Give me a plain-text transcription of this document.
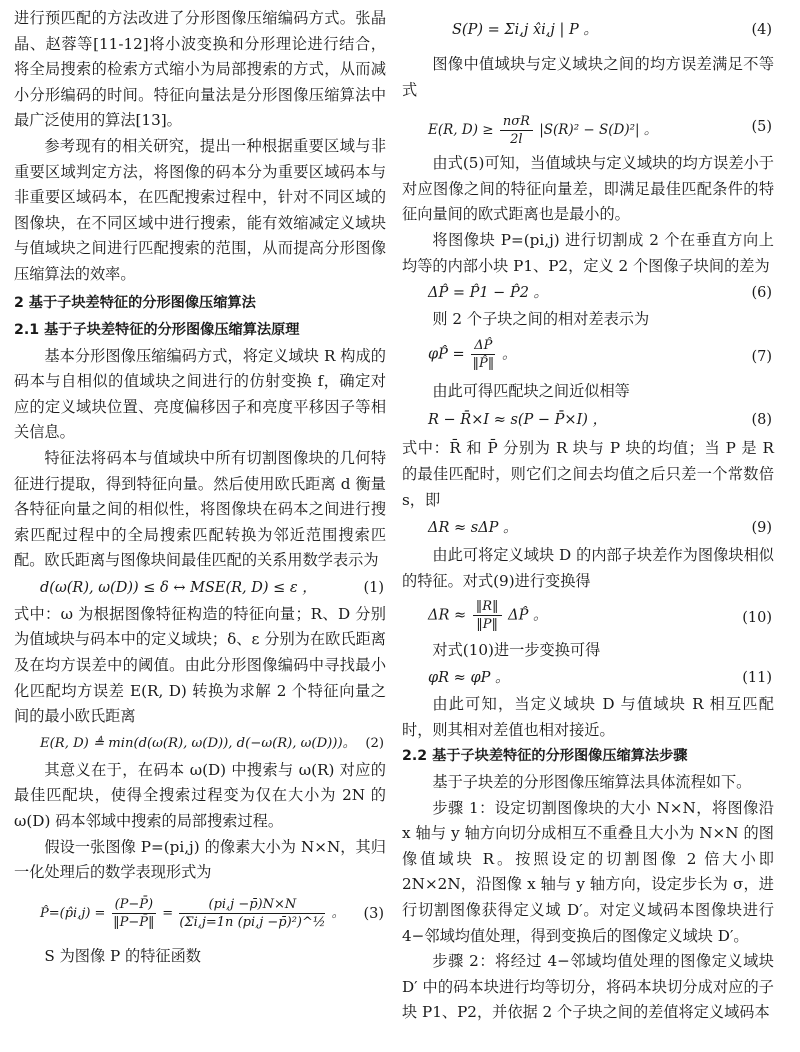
进行预匹配的方法改进了分形图像压缩编码方式。张晶晶、赵蓉等[11-12]将小波变换和分形理论进行结合，将全局搜索的检索方式缩小为局部搜索的方式，从而减小分形编码的时间。特征向量法是分形图像压缩算法中最广泛使用的算法[13]。

参考现有的相关研究，提出一种根据重要区域与非重要区域判定方法，将图像的码本分为重要区域码本与非重要区域码本，在匹配搜索过程中，针对不同区域的图像块，在不同区域中进行搜索，能有效缩减定义域块与值域块之间进行匹配搜索的范围，从而提高分形图像压缩算法的效率。

2 基于子块差特征的分形图像压缩算法
2.1 基于子块差特征的分形图像压缩算法原理

基本分形图像压缩编码方式，将定义域块 R 构成的码本与自相似的值域块之间进行的仿射变换 f，确定对应的定义域块位置、亮度偏移因子和亮度平移因子等相关信息。

特征法将码本与值域块中所有切割图像块的几何特征进行提取，得到特征向量。然后使用欧氏距离 d 衡量各特征向量之间的相似性，将图像块在码本之间进行搜索匹配过程中的全局搜索匹配转换为邻近范围搜索匹配。欧氏距离与图像块间最佳匹配的关系用数学表示为

d(ω(R), ω(D)) ≤ δ ↔ MSE(R, D) ≤ ε ，	(1)

式中：ω 为根据图像特征构造的特征向量；R、D 分别为值域块与码本中的定义域块；δ、ε 分别为在欧氏距离及在均方误差中的阈值。由此分形图像编码中寻找最小化匹配均方误差 E(R, D) 转换为求解 2 个特征向量之间的最小欧氏距离

E(R, D) ≜ min(d(ω(R), ω(D)), d(−ω(R), ω(D)))。 (2)

其意义在于，在码本 ω(D) 中搜索与 ω(R) 对应的最佳匹配块，使得全搜索过程变为仅在大小为 2N 的 ω(D) 码本邻域中搜索的局部搜索过程。

假设一张图像 P=(pi,j) 的像素大小为 N×N，其归一化处理后的数学表现形式为

P̂=(p̂i,j) = $\frac{(P-P̄)}{‖P-P̄‖} = \frac{(pi,j -p̄)N\times N}{\text{(Σi,j=1n (pi,j −p̄)²)\textasciicircum{}½}}$ 。 (3)

S 为图像 P 的特征函数

S(P) = Σi,j x̂i,j | P 。	(4)

图像中值域块与定义域块之间的均方误差满足不等式

E(R, $D) \ge \frac{\text{nσR}}{2l} |S(R)^2 - S(D)^2|$ 。	(5)

由式(5)可知，当值域块与定义域块的均方误差小于对应图像之间的特征向量差，即满足最佳匹配条件的特征向量间的欧式距离也是最小的。

将图像块 P=(pi,j) 进行切割成 2 个在垂直方向上均等的内部小块 P1、P2，定义 2 个图像子块间的差为

ΔP̂ = P̂1 − P̂2 。	(6)

则 2 个子块之间的相对差表示为

φP̂ = $\frac{\Delta P̂}{‖P̂‖}$ 。	(7)

由此可得匹配块之间近似相等

R − R̄×I ≈ s(P − P̄×I) ，	(8)

式中：R̄ 和 P̄ 分别为 R 块与 P 块的均值；当 P 是 R 的最佳匹配时，则它们之间去均值之后只差一个常数倍 s，即

ΔR ≈ sΔP 。	(9)

由此可将定义域块 D 的内部子块差作为图像块相似的特征。对式(9)进行变换得

$\Delta R \approx \frac{‖R‖}{‖P‖}$ ΔP̂ 。	(10)

对式(10)进一步变换可得

φR ≈ φP 。	(11)

由此可知，当定义域块 D 与值域块 R 相互匹配时，则其相对差值也相对接近。

2.2 基于子块差特征的分形图像压缩算法步骤

基于子块差的分形图像压缩算法具体流程如下。

步骤 1：设定切割图像块的大小 N×N，将图像沿 x 轴与 y 轴方向切分成相互不重叠且大小为 N×N 的图像值域块 R。按照设定的切割图像 2 倍大小即 2N×2N，沿图像 x 轴与 y 轴方向，设定步长为 σ，进行切割图像获得定义域 D′。对定义域码本图像块进行 4−邻域均值处理，得到变换后的图像定义域块 D′。

步骤 2：将经过 4−邻域均值处理的图像定义域块 D′ 中的码本块进行均等切分，将码本块切分成对应的子块 P1、P2，并依据 2 个子块之间的差值将定义域码本
